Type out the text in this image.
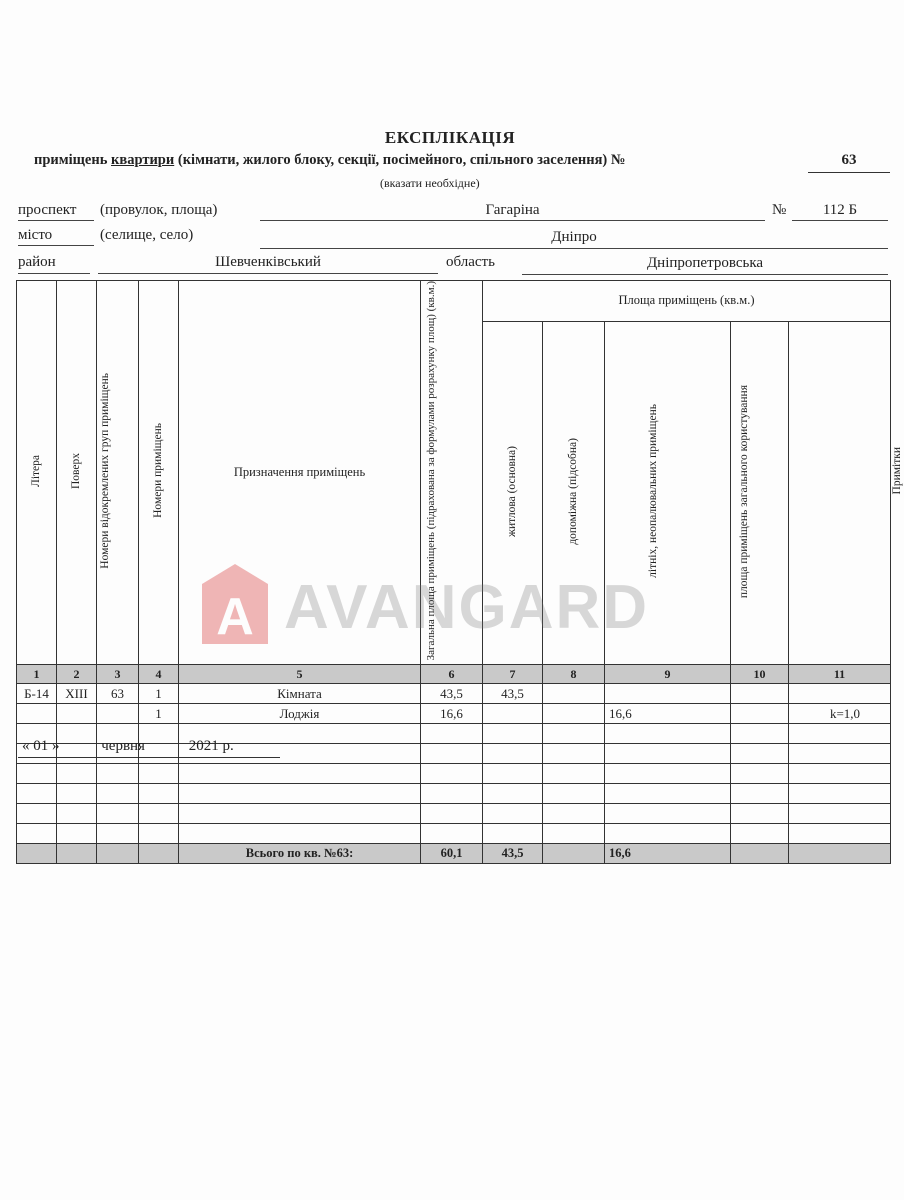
ЕКСПЛІКАЦІЯ
приміщень квартири (кімнати, жилого блоку, секції, посімейного, спільного заселення) №	63
(вказати необхідне)
проспект (провулок, площа)	Гагаріна	№	112 Б
місто	(селище, село)	Дніпро
район	Шевченківський	область	Дніпропетровська
Літера	Поверх	Номери відокремлених груп приміщень	Номери приміщень	Призначення приміщень	Загальна площа приміщень (підрахована за формулами розрахунку площ) (кв.м.)	Площа приміщень (кв.м.)					Примітки
						житлова (основна)	допоміжна (підсобна)	літніх, неопалювальних приміщень	площа приміщень загального користування		
1	2	3	4	5	6	7	8	9	10	11	
Б-14	ХІІІ	63	1	Кімната	43,5	43,5					
			1	Лоджія	16,6			16,6		k=1,0	

				Всього по кв. №63:	60,1	43,5		16,6			
A AVANGARD
« 01 »	червня	2021 р.
